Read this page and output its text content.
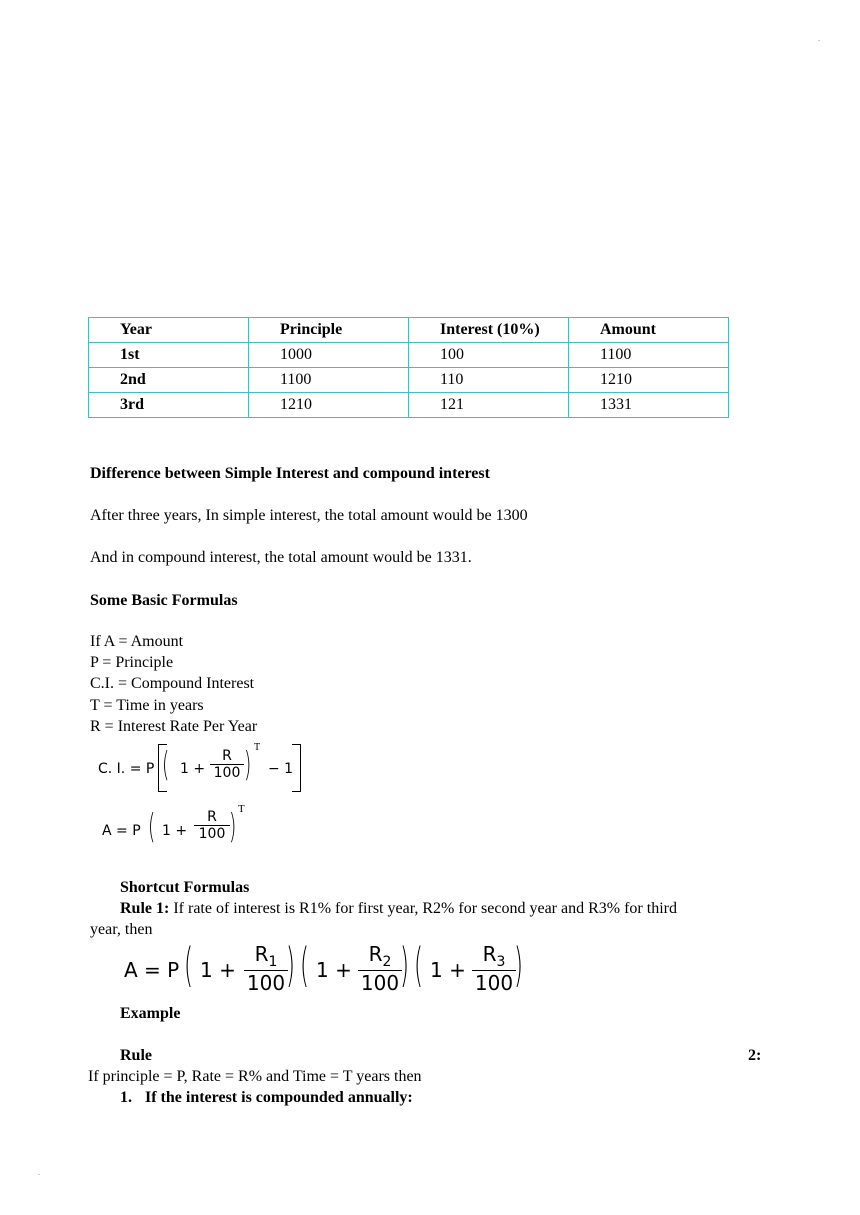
.
.
Year	Principle	Interest (10%)	Amount
1st	1000	100	1100
2nd	1100	110	1210
3rd	1210	121	1331
Difference between Simple Interest and compound interest
After three years, In simple interest, the total amount would be 1300
And in compound interest, the total amount would be 1331.
Some Basic Formulas
If A = Amount
P = Principle
C.I. = Compound Interest
T = Time in years
R = Interest Rate Per Year
C. I. = P ( $1 + \frac{R}{100}$ ) T
− 1
A = P ( $1 + \frac{R}{100}$ ) T
Shortcut Formulas
Rule 1: If rate of interest is R1% for first year, R2% for second year and R3% for third
year, then
A = P ( $1 + \frac{R_1}{100}$
) ( $1 + \frac{R_2}{100}$
) ( $1 + \frac{R_3}{100}$
)
Example
Rule	2:
If principle = P, Rate = R% and Time = T years then
1. If the interest is compounded annually:
